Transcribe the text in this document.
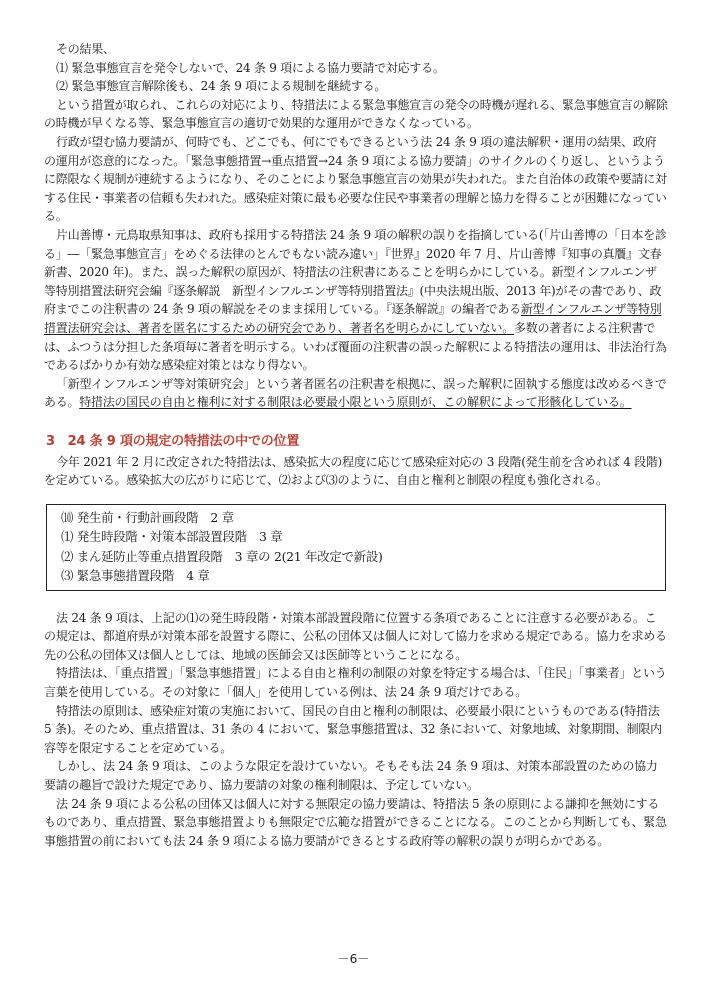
その結果、

⑴ 緊急事態宣言を発令しないで、24 条 9 項による協力要請で対応する。

⑵ 緊急事態宣言解除後も、24 条 9 項による規制を継続する。

という措置が取られ、これらの対応により、特措法による緊急事態宣言の発令の時機が遅れる、緊急事態宣言の解除の時機が早くなる等、緊急事態宣言の適切で効果的な運用ができなくなっている。

行政が望む協力要請が、何時でも、どこでも、何にでもできるという法 24 条 9 項の違法解釈・運用の結果、政府の運用が恣意的になった。「緊急事態措置→重点措置→24 条 9 項による協力要請」のサイクルのくり返し、というように際限なく規制が連続するようになり、そのことにより緊急事態宣言の効果が失われた。また自治体の政策や要請に対する住民・事業者の信頼も失われた。感染症対策に最も必要な住民や事業者の理解と協力を得ることが困難になっている。

片山善博・元鳥取県知事は、政府も採用する特措法 24 条 9 項の解釈の誤りを指摘している(「片山善博の「日本を診る」―「緊急事態宣言」をめぐる法律のとんでもない読み違い」『世界』2020 年 7 月、片山善博『知事の真贋』文春新書、2020 年)。また、誤った解釈の原因が、特措法の注釈書にあることを明らかにしている。新型インフルエンザ等特別措置法研究会編『逐条解説　新型インフルエンザ等特別措置法』(中央法規出版、2013 年)がその書であり、政府までこの注釈書の 24 条 9 項の解説をそのまま採用している。『逐条解説』の編者である新型インフルエンザ等特別措置法研究会は、著者を匿名にするための研究会であり、著者名を明らかにしていない。多数の著者による注釈書では、ふつうは分担した条項毎に著者を明示する。いわば覆面の注釈書の誤った解釈による特措法の運用は、非法治行為であるばかりか有効な感染症対策とはなり得ない。

「新型インフルエンザ等対策研究会」という著者匿名の注釈書を根拠に、誤った解釈に固執する態度は改めるべきである。特措法の国民の自由と権利に対する制限は必要最小限という原則が、この解釈によって形骸化している。

3　24 条 9 項の規定の特措法の中での位置

今年 2021 年 2 月に改定された特措法は、感染拡大の程度に応じて感染症対応の 3 段階(発生前を含めれば 4 段階)を定めている。感染拡大の広がりに応じて、⑵および⑶のように、自由と権利と制限の程度も強化される。

⑽ 発生前・行動計画段階　2 章

⑴ 発生時段階・対策本部設置段階　3 章

⑵ まん延防止等重点措置段階　3 章の 2(21 年改定で新設)

⑶ 緊急事態措置段階　4 章

法 24 条 9 項は、上記の⑴の発生時段階・対策本部設置段階に位置する条項であることに注意する必要がある。この規定は、都道府県が対策本部を設置する際に、公私の団体又は個人に対して協力を求める規定である。協力を求める先の公私の団体又は個人としては、地域の医師会又は医師等ということになる。

特措法は、「重点措置」「緊急事態措置」による自由と権利の制限の対象を特定する場合は、「住民」「事業者」という言葉を使用している。その対象に「個人」を使用している例は、法 24 条 9 項だけである。

特措法の原則は、感染症対策の実施において、国民の自由と権利の制限は、必要最小限にというものである(特措法 5 条)。そのため、重点措置は、31 条の 4 において、緊急事態措置は、32 条において、対象地域、対象期間、制限内容等を限定することを定めている。

しかし、法 24 条 9 項は、このような限定を設けていない。そもそも法 24 条 9 項は、対策本部設置のための協力要請の趣旨で設けた規定であり、協力要請の対象の権利制限は、予定していない。

法 24 条 9 項による公私の団体又は個人に対する無限定の協力要請は、特措法 5 条の原則による謙抑を無効にするものであり、重点措置、緊急事態措置よりも無限定で広範な措置ができることになる。このことから判断しても、緊急事態措置の前においても法 24 条 9 項による協力要請ができるとする政府等の解釈の誤りが明らかである。

－6－
